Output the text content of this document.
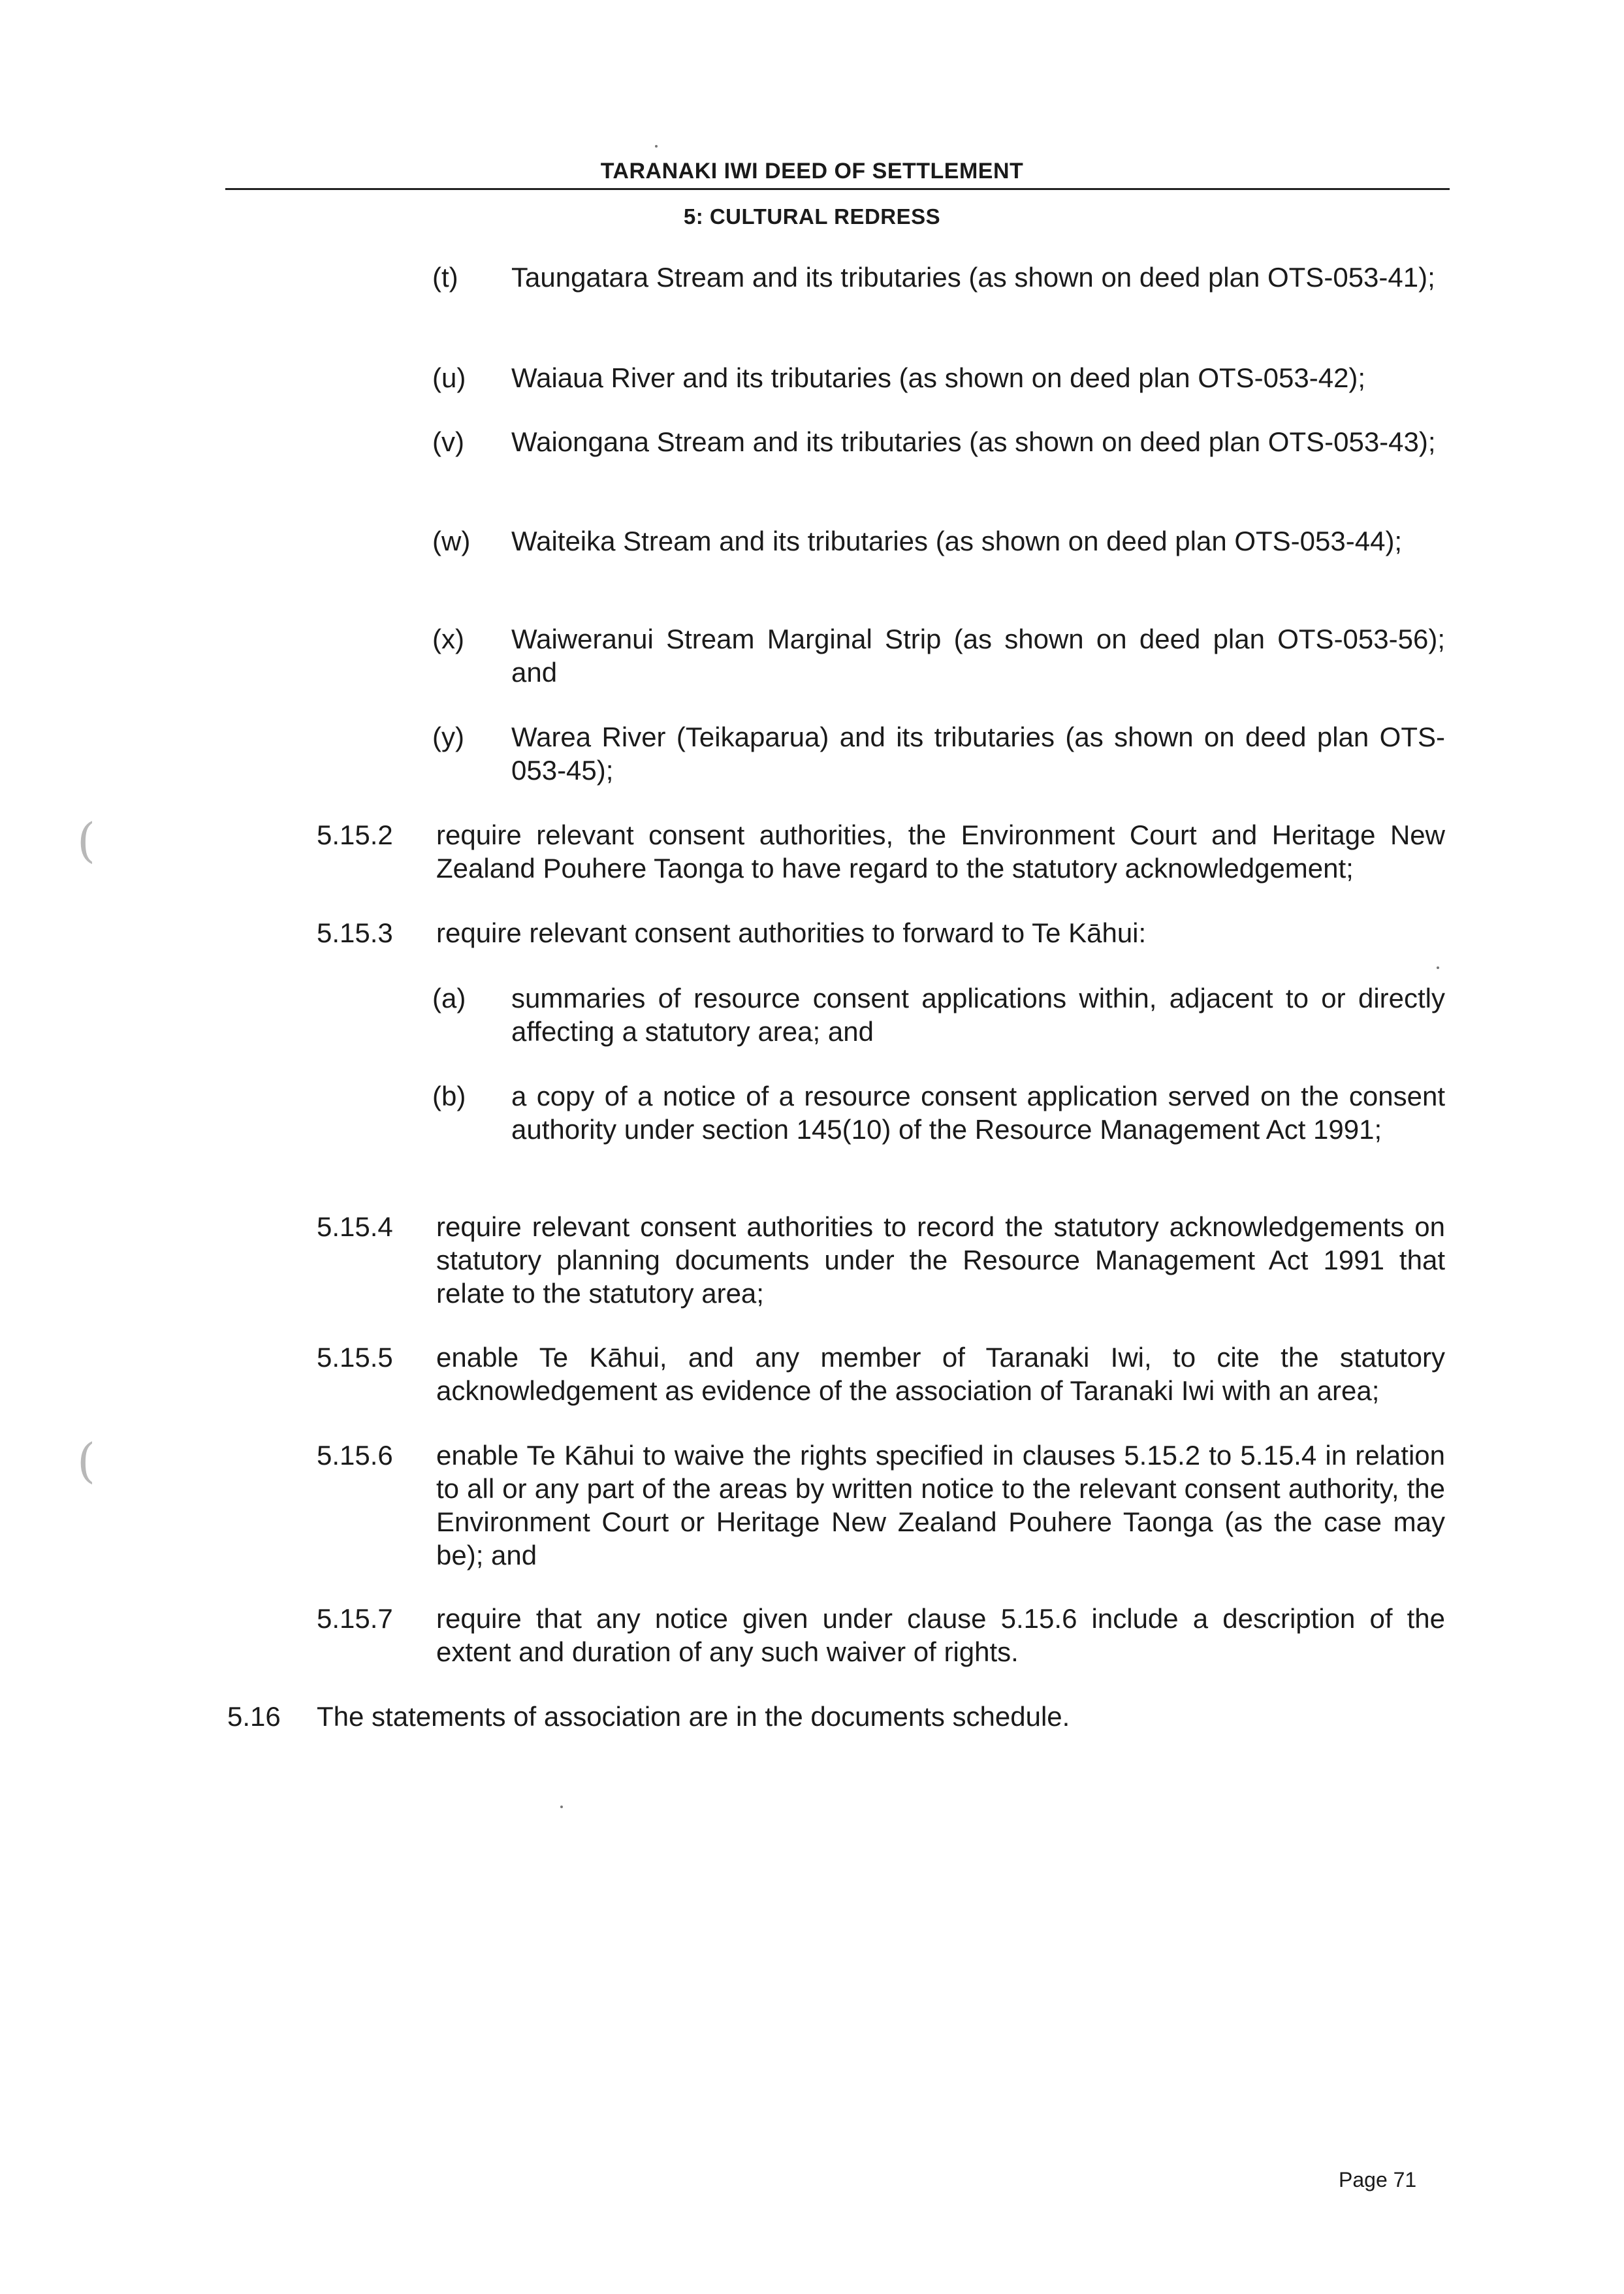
TARANAKI IWI DEED OF SETTLEMENT
5: CULTURAL REDRESS
(t) Taungatara Stream and its tributaries (as shown on deed plan OTS-053-41);
(u) Waiaua River and its tributaries (as shown on deed plan OTS-053-42);
(v) Waiongana Stream and its tributaries (as shown on deed plan OTS-053-43);
(w) Waiteika Stream and its tributaries (as shown on deed plan OTS-053-44);
(x) Waiweranui Stream Marginal Strip (as shown on deed plan OTS-053-56); and
(y) Warea River (Teikaparua) and its tributaries (as shown on deed plan OTS-053-45);
5.15.2 require relevant consent authorities, the Environment Court and Heritage New Zealand Pouhere Taonga to have regard to the statutory acknowledgement;
5.15.3 require relevant consent authorities to forward to Te Kāhui:
(a) summaries of resource consent applications within, adjacent to or directly affecting a statutory area; and
(b) a copy of a notice of a resource consent application served on the consent authority under section 145(10) of the Resource Management Act 1991;
5.15.4 require relevant consent authorities to record the statutory acknowledgements on statutory planning documents under the Resource Management Act 1991 that relate to the statutory area;
5.15.5 enable Te Kāhui, and any member of Taranaki Iwi, to cite the statutory acknowledgement as evidence of the association of Taranaki Iwi with an area;
5.15.6 enable Te Kāhui to waive the rights specified in clauses 5.15.2 to 5.15.4 in relation to all or any part of the areas by written notice to the relevant consent authority, the Environment Court or Heritage New Zealand Pouhere Taonga (as the case may be); and
5.15.7 require that any notice given under clause 5.15.6 include a description of the extent and duration of any such waiver of rights.
5.16 The statements of association are in the documents schedule.
Page 71
(
(
